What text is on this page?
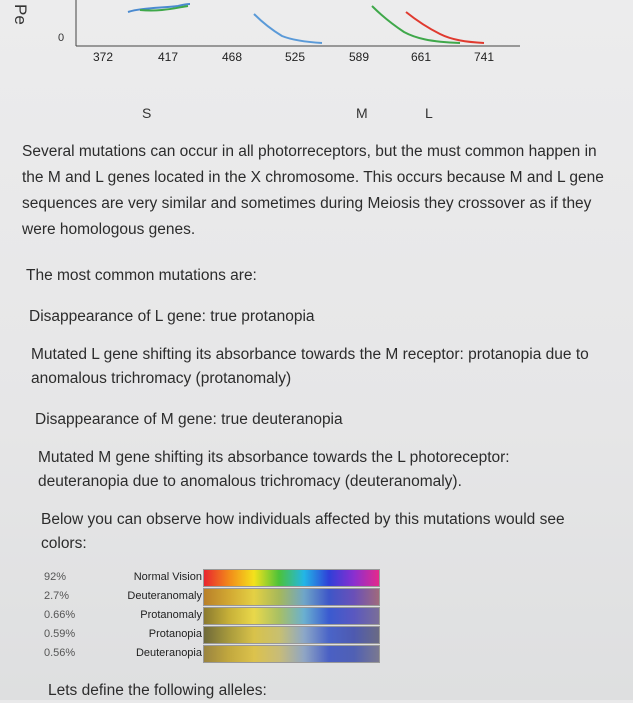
Pe
0
372	417	468	525	589	661	741
S	M	L

Several mutations can occur in all photorreceptors, but the must common happen in the M and L genes located in the X chromosome. This occurs because M and L gene sequences are very similar and sometimes during Meiosis they crossover as if they were homologous genes.

The most common mutations are:
Disappearance of L gene: true protanopia
Mutated L gene shifting its absorbance towards the M receptor: protanopia due to anomalous trichromacy (protanomaly)
Disappearance of M gene: true deuteranopia
Mutated M gene shifting its absorbance towards the L photoreceptor: deuteranopia due to anomalous trichromacy (deuteranomaly).
Below you can observe how individuals affected by this mutations would see colors:
92%	Normal Vision
2.7%	Deuteranomaly
0.66%	Protanomaly
0.59%	Protanopia
0.56%	Deuteranopia
Lets define the following alleles:
